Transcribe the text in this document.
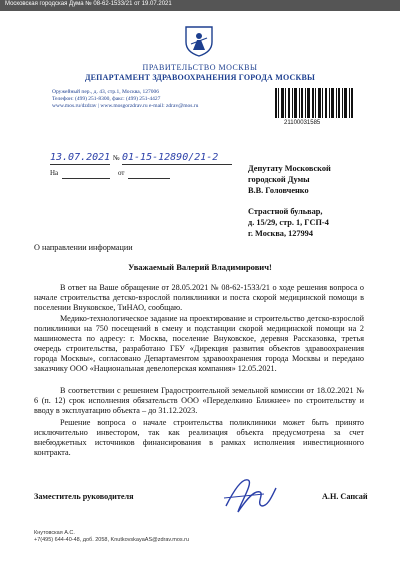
Московская городская Дума № 08-62-1533/21 от 19.07.2021
ПРАВИТЕЛЬСТВО МОСКВЫ
ДЕПАРТАМЕНТ ЗДРАВООХРАНЕНИЯ ГОРОДА МОСКВЫ
Оружейный пер., д. 43, стр.1, Москва, 127006
Телефон: (499) 251-8300, факс: (499) 251-4427
www.mos.ru/dzdrav | www.mosgorzdrav.ru e-mail: zdrav@mos.ru
21100031585
13.07.2021 № 01-15-12890/21-2
На	от	Депутату Московской
городской Думы
В.В. Головченко
Страстной бульвар,
д. 15/29, стр. 1, ГСП-4
г. Москва, 127994
О направлении информации
Уважаемый Валерий Владимирович!
В ответ на Ваше обращение от 28.05.2021 № 08-62-1533/21 о ходе решения вопроса о начале строительства детско-взрослой поликлиники и поста скорой медицинской помощи в поселении Внуковское, ТиНАО, сообщаю.
Медико-технологическое задание на проектирование и строительство детско-взрослой поликлиники на 750 посещений в смену и подстанции скорой медицинской помощи на 2 машиноместа по адресу: г. Москва, поселение Внуковское, деревня Рассказовка, третья очередь строительства, разработано ГБУ «Дирекция развития объектов здравоохранения города Москвы», согласовано Департаментом здравоохранения города Москвы и передано заказчику ООО «Национальная девелоперская компания» 12.05.2021.
В соответствии с решением Градостроительной земельной комиссии от 18.02.2021 № 6 (п. 12) срок исполнения обязательств ООО «Переделкино Ближнее» по строительству и вводу в эксплуатацию объекта – до 31.12.2023.
Решение вопроса о начале строительства поликлиники может быть принято исключительно инвестором, так как реализация объекта предусмотрена за счет внебюджетных источников финансирования в рамках исполнения инвестиционного контракта.
Заместитель руководителя	А.Н. Сапсай
Кнутовская А.С.
+7(495) 644-40-48, доб. 2058, KnutkovskayaAS@zdrav.mos.ru
